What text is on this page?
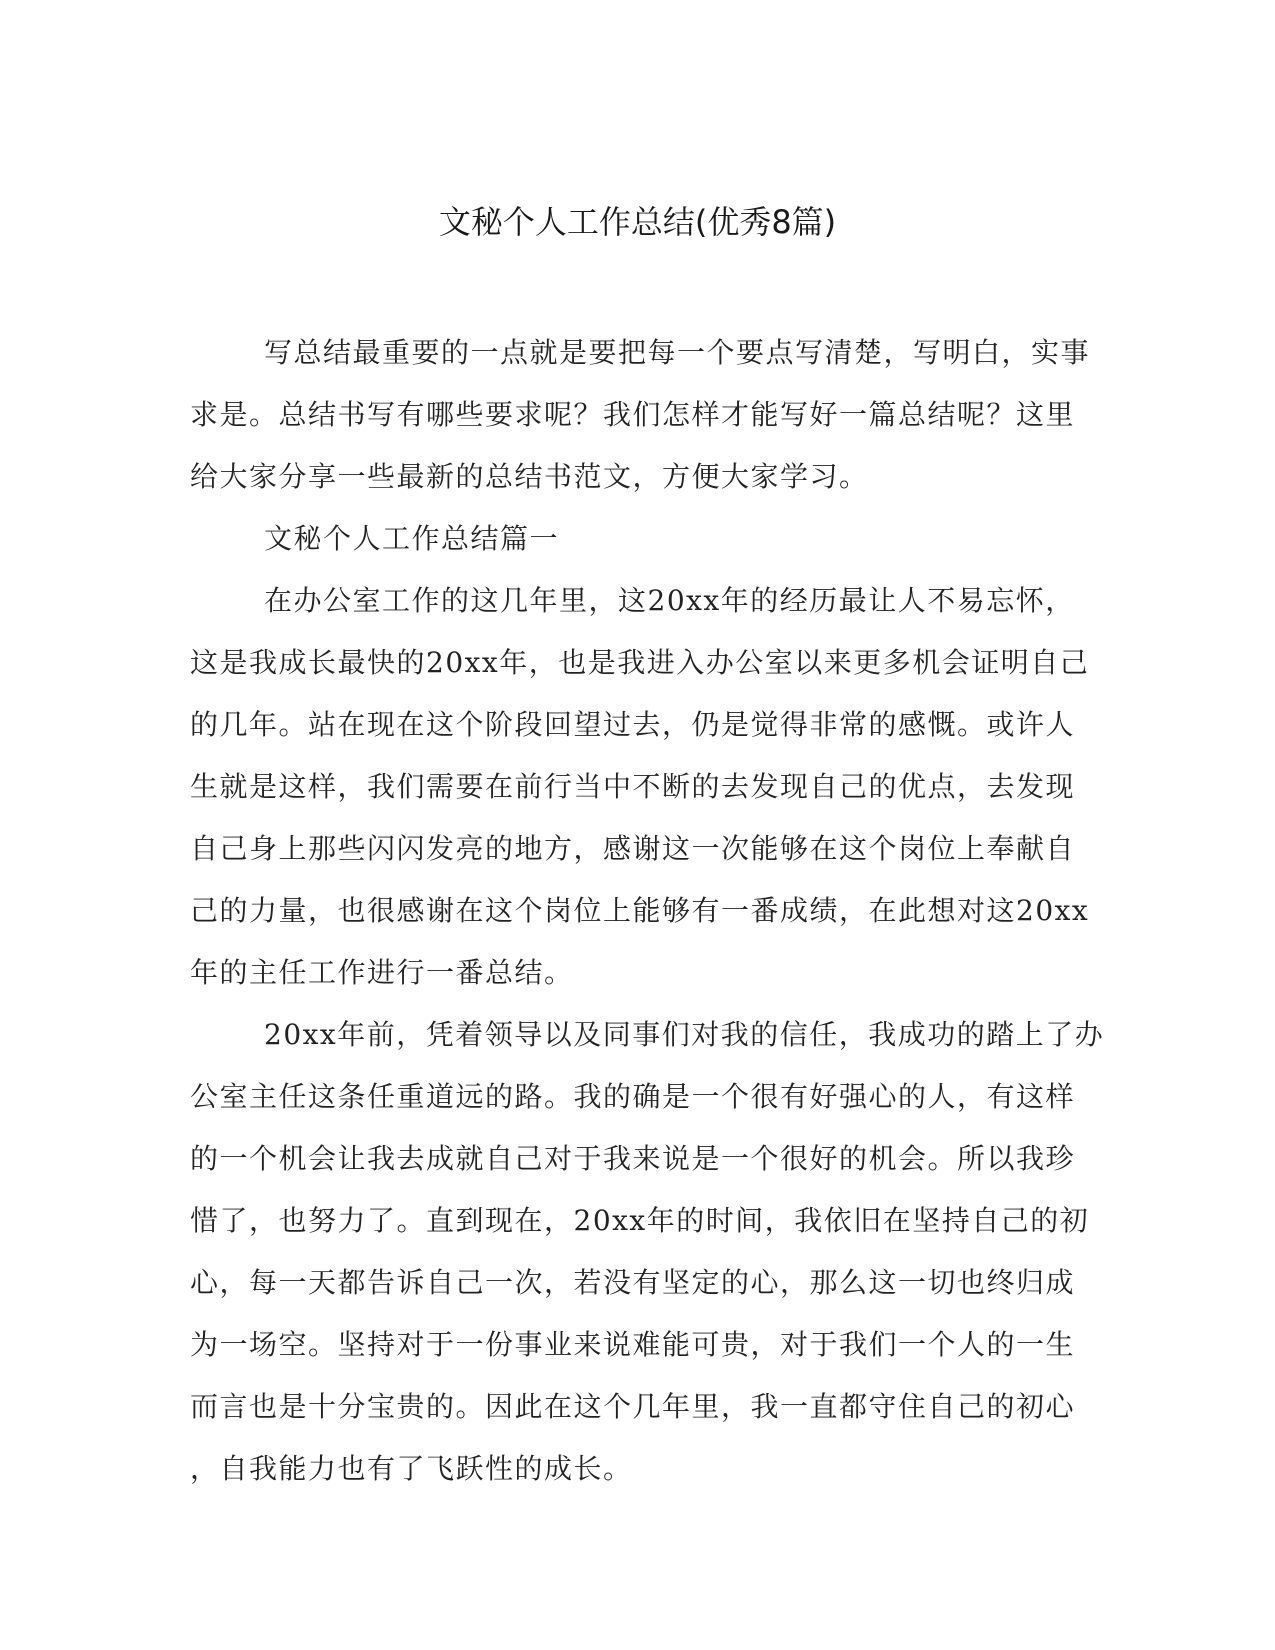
文秘个人工作总结(优秀8篇)

写总结最重要的一点就是要把每一个要点写清楚，写明白，实事

求是。总结书写有哪些要求呢？我们怎样才能写好一篇总结呢？这里

给大家分享一些最新的总结书范文，方便大家学习。

文秘个人工作总结篇一

在办公室工作的这几年里，这20xx年的经历最让人不易忘怀，

这是我成长最快的20xx年，也是我进入办公室以来更多机会证明自己

的几年。站在现在这个阶段回望过去，仍是觉得非常的感慨。或许人

生就是这样，我们需要在前行当中不断的去发现自己的优点，去发现

自己身上那些闪闪发亮的地方，感谢这一次能够在这个岗位上奉献自

己的力量，也很感谢在这个岗位上能够有一番成绩，在此想对这20xx

年的主任工作进行一番总结。

20xx年前，凭着领导以及同事们对我的信任，我成功的踏上了办

公室主任这条任重道远的路。我的确是一个很有好强心的人，有这样

的一个机会让我去成就自己对于我来说是一个很好的机会。所以我珍

惜了，也努力了。直到现在，20xx年的时间，我依旧在坚持自己的初

心，每一天都告诉自己一次，若没有坚定的心，那么这一切也终归成

为一场空。坚持对于一份事业来说难能可贵，对于我们一个人的一生

而言也是十分宝贵的。因此在这个几年里，我一直都守住自己的初心

，自我能力也有了飞跃性的成长。
